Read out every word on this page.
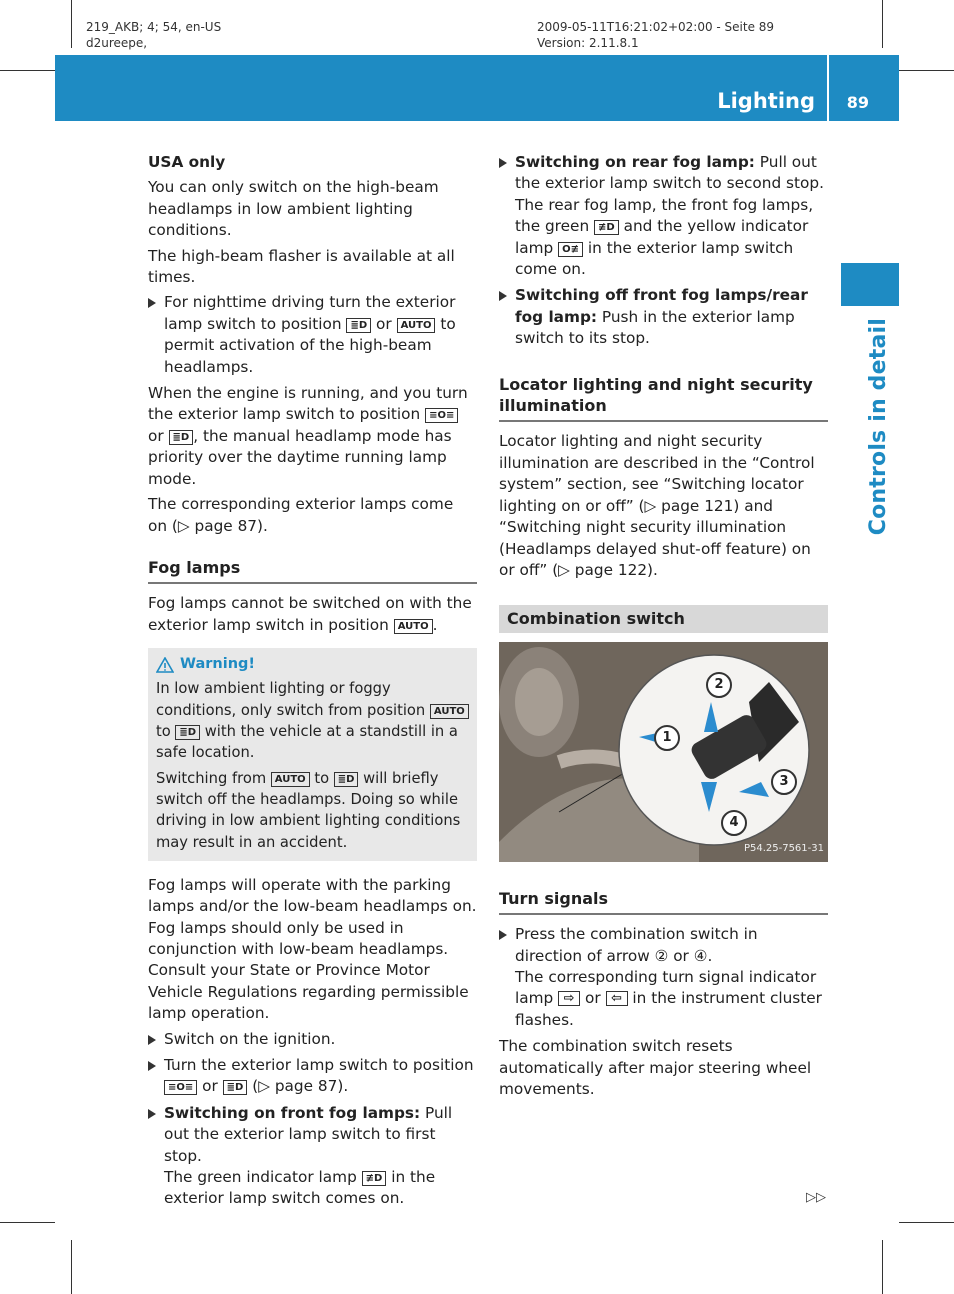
219_AKB; 4; 54, en-US
d2ureepe,
2009-05-11T16:21:02+02:00 - Seite 89
Version: 2.11.8.1
Lighting 89
Controls in detail

USA only

You can only switch on the high-beam headlamps in low ambient lighting conditions.

The high-beam flasher is available at all times.

For nighttime driving turn the exterior lamp switch to position ≣D or AUTO to permit activation of the high-beam headlamps.

When the engine is running, and you turn the exterior lamp switch to position ≡O≡ or ≣D , the manual headlamp mode has priority over the daytime running lamp mode.

The corresponding exterior lamps come on (▷ page 87).

Fog lamps

Fog lamps cannot be switched on with the exterior lamp switch in position AUTO .

Warning!

In low ambient lighting or foggy conditions, only switch from position AUTO to ≣D with the vehicle at a standstill in a safe location.

Switching from AUTO to ≣D will briefly switch off the headlamps. Doing so while driving in low ambient lighting conditions may result in an accident.

Fog lamps will operate with the parking lamps and/or the low-beam headlamps on. Fog lamps should only be used in conjunction with low-beam headlamps. Consult your State or Province Motor Vehicle Regulations regarding permissible lamp operation.

Switch on the ignition.
Turn the exterior lamp switch to position ≡O≡ or ≣D (▷ page 87).
Switching on front fog lamps: Pull out the exterior lamp switch to first stop.
The green indicator lamp ≢D in the exterior lamp switch comes on.
Switching on rear fog lamp: Pull out the exterior lamp switch to second stop.
The rear fog lamp, the front fog lamps, the green ≢D and the yellow indicator lamp O≢ in the exterior lamp switch come on.
Switching off front fog lamps/rear fog lamp: Push in the exterior lamp switch to its stop.

Locator lighting and night security illumination

Locator lighting and night security illumination are described in the “Control system” section, see “Switching locator lighting on or off” (▷ page 121) and “Switching night security illumination (Headlamps delayed shut-off feature) on or off” (▷ page 122).

Combination switch
1
2
3
4
P54.25-7561-31

Turn signals

Press the combination switch in direction of arrow ② or ④.
The corresponding turn signal indicator lamp ⇨ or ⇦ in the instrument cluster flashes.

The combination switch resets automatically after major steering wheel movements.

▷▷
